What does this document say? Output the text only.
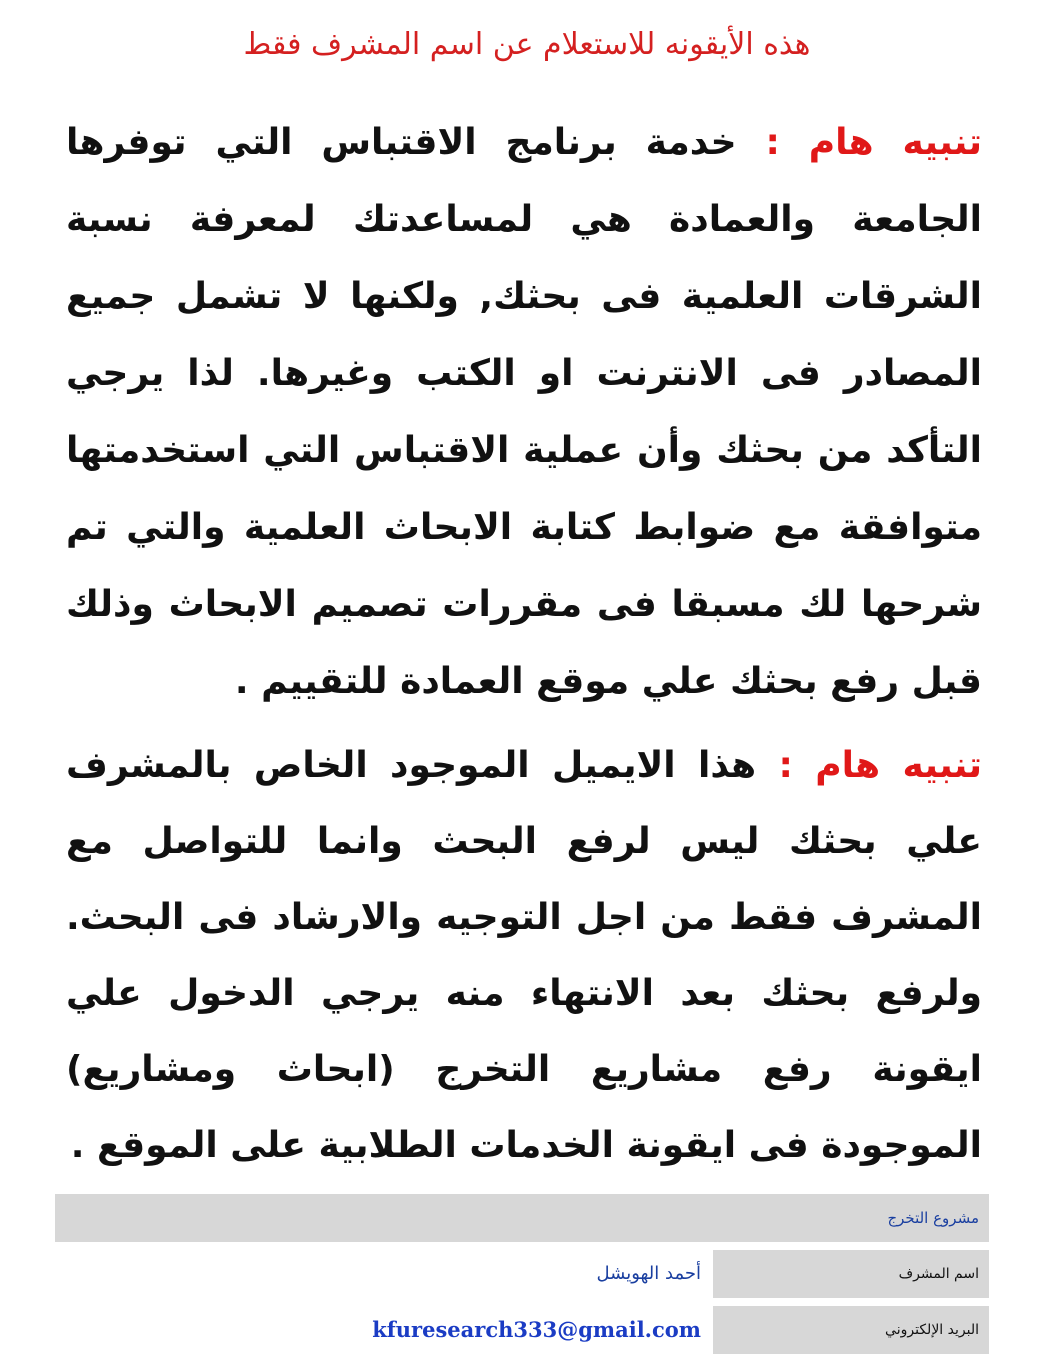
هذه الأيقونه للاستعلام عن اسم المشرف فقط
تنبيه هام : خدمة برنامج الاقتباس التي توفرها الجامعة والعمادة هي لمساعدتك لمعرفة نسبة الشرقات العلمية فى بحثك, ولكنها لا تشمل جميع المصادر فى الانترنت او الكتب وغيرها. لذا يرجي التأكد من بحثك وأن عملية الاقتباس التي استخدمتها متوافقة مع ضوابط كتابة الابحاث العلمية والتي تم شرحها لك مسبقا فى مقررات تصميم الابحاث وذلك قبل رفع بحثك علي موقع العمادة للتقييم .
تنبيه هام : هذا الايميل الموجود الخاص بالمشرف علي بحثك ليس لرفع البحث وانما للتواصل مع المشرف فقط من اجل التوجيه والارشاد فى البحث. ولرفع بحثك بعد الانتهاء منه يرجي الدخول علي ايقونة رفع مشاريع التخرج (ابحاث ومشاريع) الموجودة فى ايقونة الخدمات الطلابية على الموقع .
مشروع التخرج
اسم المشرف
أحمد الهويشل
البريد الإلكتروني
kfuresearch333@gmail.com
